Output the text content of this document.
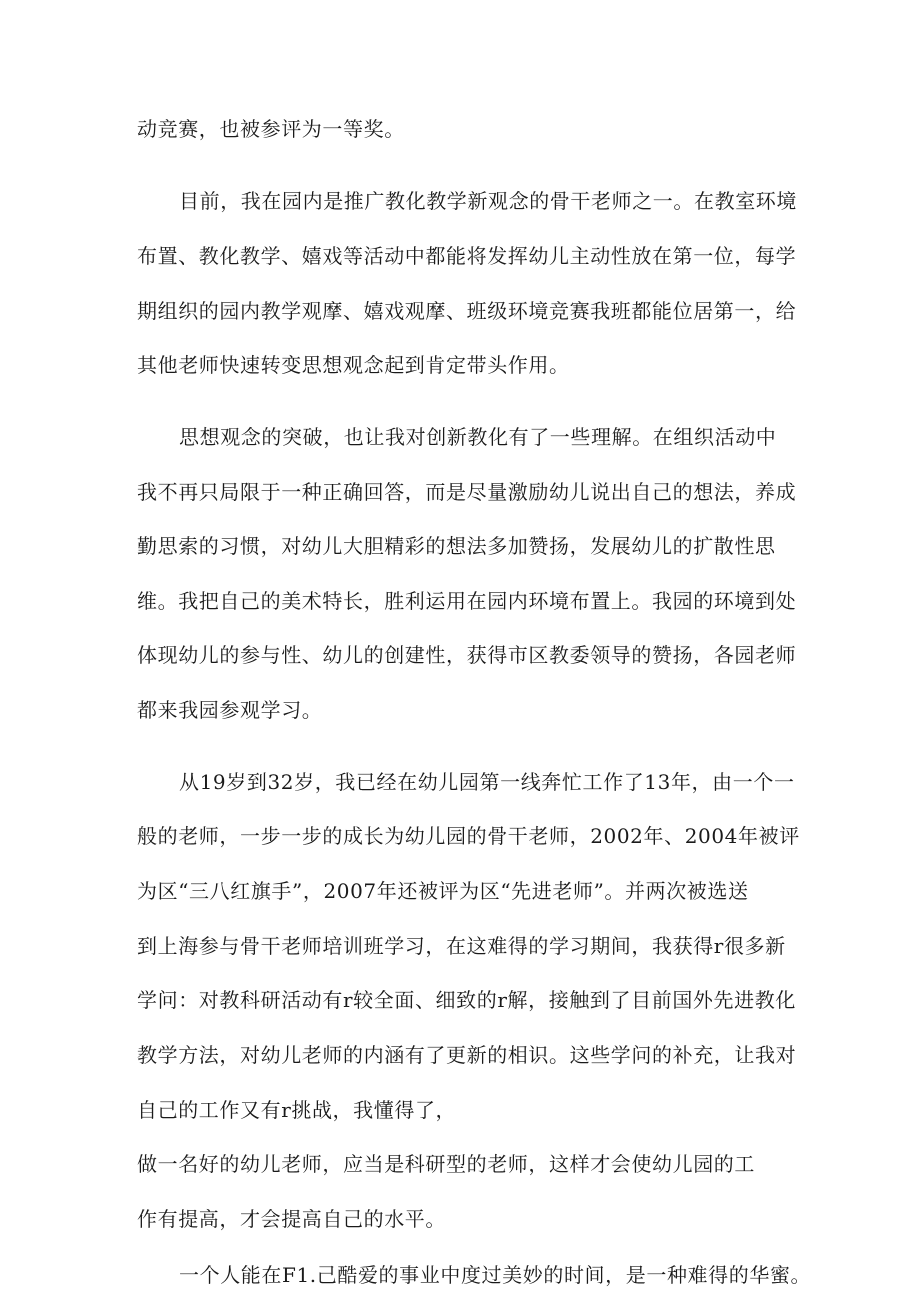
动竞赛，也被参评为一等奖。
目前，我在园内是推广教化教学新观念的骨干老师之一。在教室环境
布置、教化教学、嬉戏等活动中都能将发挥幼儿主动性放在第一位，每学
期组织的园内教学观摩、嬉戏观摩、班级环境竞赛我班都能位居第一，给
其他老师快速转变思想观念起到肯定带头作用。
思想观念的突破，也让我对创新教化有了一些理解。在组织活动中
我不再只局限于一种正确回答，而是尽量激励幼儿说出自己的想法，养成
勤思索的习惯，对幼儿大胆精彩的想法多加赞扬，发展幼儿的扩散性思
维。我把自己的美术特长，胜利运用在园内环境布置上。我园的环境到处
体现幼儿的参与性、幼儿的创建性，获得市区教委领导的赞扬，各园老师
都来我园参观学习。
从19岁到32岁，我已经在幼儿园第一线奔忙工作了13年，由一个一
般的老师，一步一步的成长为幼儿园的骨干老师，2002年、2004年被评
为区“三八红旗手”，2007年还被评为区“先进老师”。并两次被选送
到上海参与骨干老师培训班学习，在这难得的学习期间，我获得r很多新
学问：对教科研活动有r较全面、细致的r解，接触到了目前国外先进教化
教学方法，对幼儿老师的内涵有了更新的相识。这些学问的补充，让我对
自己的工作又有r挑战，我懂得了，
做一名好的幼儿老师，应当是科研型的老师，这样才会使幼儿园的工
作有提高，才会提高自己的水平。
一个人能在F1.己酷爱的事业中度过美妙的时间，是一种难得的华蜜。
